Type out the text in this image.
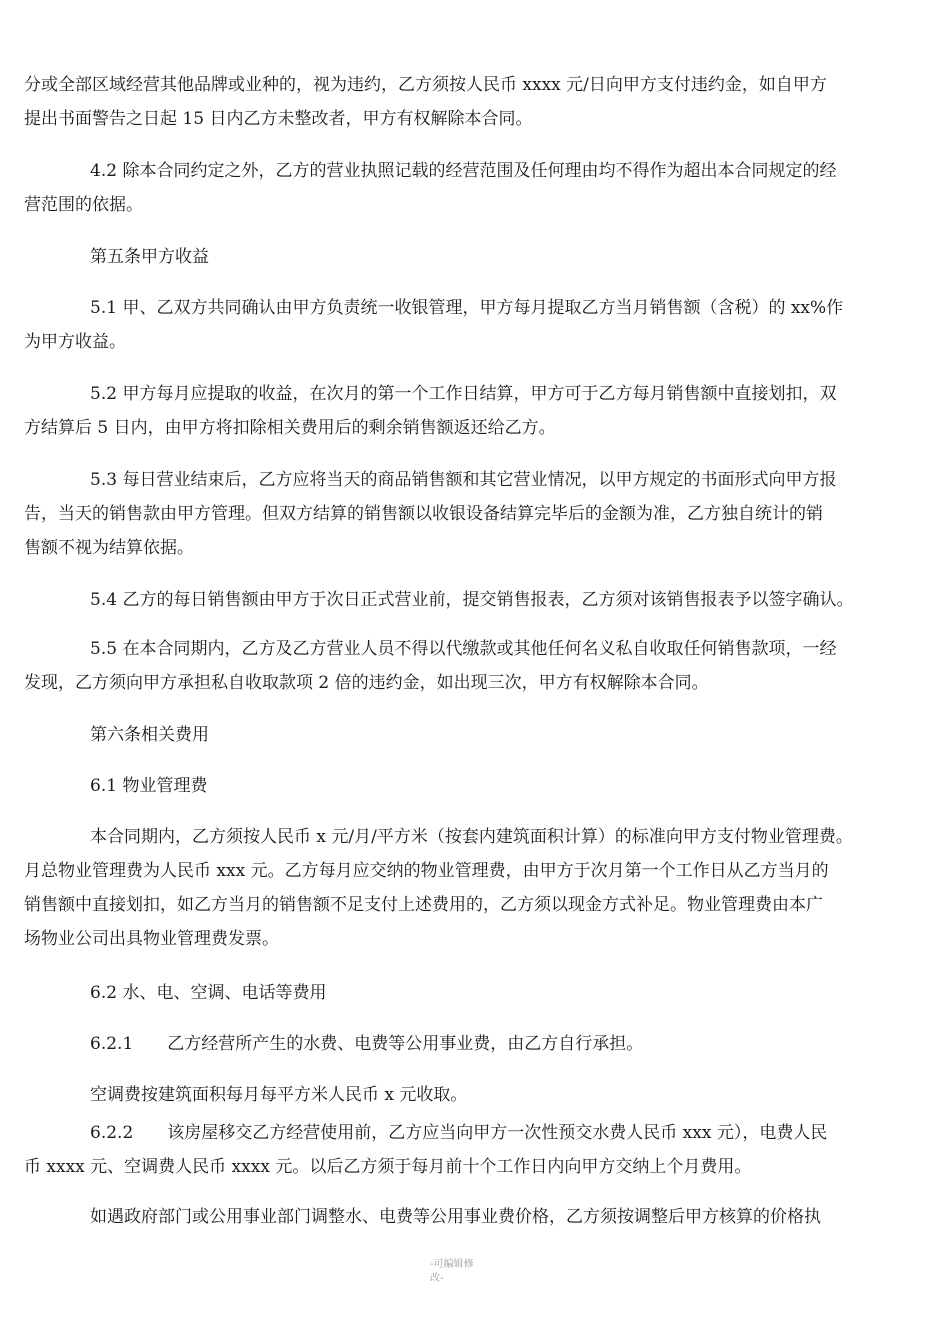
分或全部区域经营其他品牌或业种的，视为违约，乙方须按人民币 xxxx 元/日向甲方支付违约金，如自甲方
提出书面警告之日起 15 日内乙方未整改者，甲方有权解除本合同。
4.2 除本合同约定之外，乙方的营业执照记载的经营范围及任何理由均不得作为超出本合同规定的经
营范围的依据。
第五条甲方收益
5.1 甲、乙双方共同确认由甲方负责统一收银管理，甲方每月提取乙方当月销售额（含税）的 xx%作
为甲方收益。
5.2 甲方每月应提取的收益，在次月的第一个工作日结算，甲方可于乙方每月销售额中直接划扣，双
方结算后 5 日内，由甲方将扣除相关费用后的剩余销售额返还给乙方。
5.3 每日营业结束后，乙方应将当天的商品销售额和其它营业情况，以甲方规定的书面形式向甲方报
告，当天的销售款由甲方管理。但双方结算的销售额以收银设备结算完毕后的金额为准，乙方独自统计的销
售额不视为结算依据。
5.4 乙方的每日销售额由甲方于次日正式营业前，提交销售报表，乙方须对该销售报表予以签字确认。
5.5 在本合同期内，乙方及乙方营业人员不得以代缴款或其他任何名义私自收取任何销售款项，一经
发现，乙方须向甲方承担私自收取款项 2 倍的违约金，如出现三次，甲方有权解除本合同。
第六条相关费用
6.1 物业管理费
本合同期内，乙方须按人民币 x 元/月/平方米（按套内建筑面积计算）的标准向甲方支付物业管理费。
月总物业管理费为人民币 xxx 元。乙方每月应交纳的物业管理费，由甲方于次月第一个工作日从乙方当月的
销售额中直接划扣，如乙方当月的销售额不足支付上述费用的，乙方须以现金方式补足。物业管理费由本广
场物业公司出具物业管理费发票。
6.2 水、电、空调、电话等费用
6.2.1　　乙方经营所产生的水费、电费等公用事业费，由乙方自行承担。
空调费按建筑面积每月每平方米人民币 x 元收取。
6.2.2　　该房屋移交乙方经营使用前，乙方应当向甲方一次性预交水费人民币 xxx 元），电费人民
币 xxxx 元、空调费人民币 xxxx 元。以后乙方须于每月前十个工作日内向甲方交纳上个月费用。
如遇政府部门或公用事业部门调整水、电费等公用事业费价格，乙方须按调整后甲方核算的价格执
-可编辑修
改-
